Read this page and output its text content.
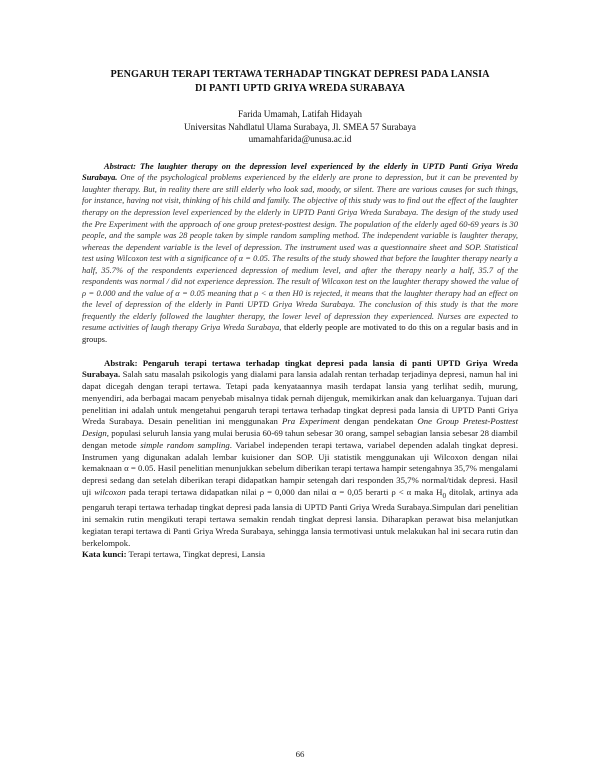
PENGARUH TERAPI TERTAWA TERHADAP TINGKAT DEPRESI PADA LANSIA
DI PANTI UPTD GRIYA WREDA SURABAYA
Farida Umamah, Latifah Hidayah
Universitas Nahdlatul Ulama Surabaya, Jl. SMEA 57 Surabaya
umamahfarida@unusa.ac.id
Abstract: The laughter therapy on the depression level experienced by the elderly in UPTD Panti Griya Wreda Surabaya. One of the psychological problems experienced by the elderly are prone to depression, but it can be prevented by laughter therapy. But, in reality there are still elderly who look sad, moody, or silent. There are various causes for such things, for instance, having not visit, thinking of his child and family. The objective of this study was to find out the effect of the laughter therapy on the depression level experienced by the elderly in UPTD Panti Griya Wreda Surabaya. The design of the study used the Pre Experiment with the approach of one group pretest-posttest design. The population of the elderly aged 60-69 years is 30 people, and the sample was 28 people taken by simple random sampling method. The independent variable is laughter therapy, whereas the dependent variable is the level of depression. The instrument used was a questionnaire sheet and SOP. Statistical test using Wilcoxon test with a significance of α = 0.05. The results of the study showed that before the laughter therapy nearly a half, 35.7% of the respondents experienced depression of medium level, and after the therapy nearly a half, 35.7 of the respondents was normal / did not experience depression. The result of Wilcoxon test on the laughter therapy showed the value of ρ = 0.000 and the value of α = 0.05 meaning that ρ < α then H0 is rejected, it means that the laughter therapy had an effect on the level of depression of the elderly in Panti UPTD Griya Wreda Surabaya. The conclusion of this study is that the more frequently the elderly followed the laughter therapy, the lower level of depression they experienced. Nurses are expected to resume activities of laugh therapy Griya Wreda Surabaya, that elderly people are motivated to do this on a regular basis and in groups.
Abstrak: Pengaruh terapi tertawa terhadap tingkat depresi pada lansia di panti UPTD Griya Wreda Surabaya. Salah satu masalah psikologis yang dialami para lansia adalah rentan terhadap terjadinya depresi, namun hal ini dapat dicegah dengan terapi tertawa. Tetapi pada kenyataannya masih terdapat lansia yang terlihat sedih, murung, menyendiri, ada berbagai macam penyebab misalnya tidak pernah dijenguk, memikirkan anak dan keluarganya. Tujuan dari penelitian ini adalah untuk mengetahui pengaruh terapi tertawa terhadap tingkat depresi pada lansia di UPTD Panti Griya Wreda Surabaya. Desain penelitian ini menggunakan Pra Experiment dengan pendekatan One Group Pretest-Posttest Design, populasi seluruh lansia yang mulai berusia 60-69 tahun sebesar 30 orang, sampel sebagian lansia sebesar 28 diambil dengan metode simple random sampling. Variabel independen terapi tertawa, variabel dependen adalah tingkat depresi. Instrumen yang digunakan adalah lembar kuisioner dan SOP. Uji statistik menggunakan uji Wilcoxon dengan nilai kemaknaan α = 0.05. Hasil penelitian menunjukkan sebelum diberikan terapi tertawa hampir setengahnya 35,7% mengalami depresi sedang dan setelah diberikan terapi didapatkan hampir setengah dari responden 35,7% normal/tidak depresi. Hasil uji wilcoxon pada terapi tertawa didapatkan nilai ρ = 0,000 dan nilai α = 0,05 berarti ρ < α maka $H_0$ ditolak, artinya ada pengaruh terapi tertawa terhadap tingkat depresi pada lansia di UPTD Panti Griya Wreda Surabaya.Simpulan dari penelitian ini semakin rutin mengikuti terapi tertawa semakin rendah tingkat depresi lansia. Diharapkan perawat bisa melanjutkan kegiatan terapi tertawa di Panti Griya Wreda Surabaya, sehingga lansia termotivasi untuk melakukan hal ini secara rutin dan berkelompok.
Kata kunci: Terapi tertawa, Tingkat depresi, Lansia
66
